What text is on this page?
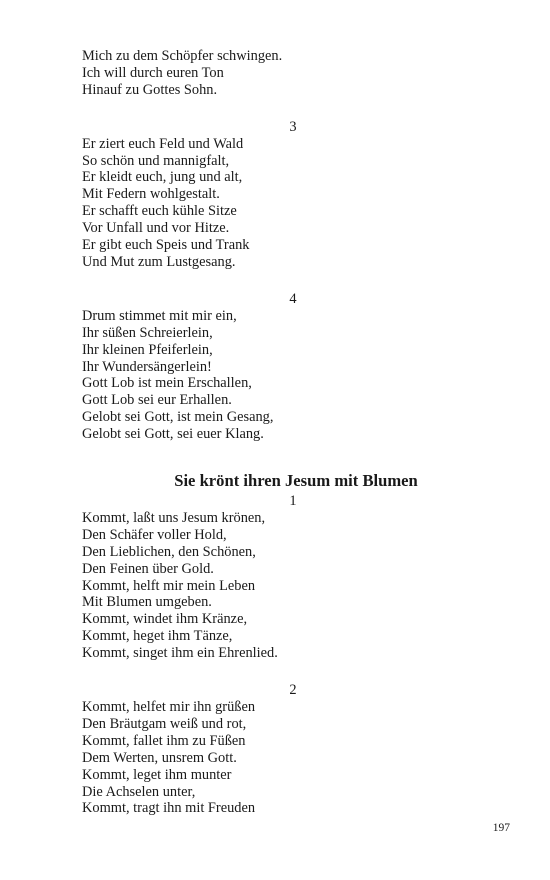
Mich zu dem Schöpfer schwingen.
Ich will durch euren Ton
Hinauf zu Gottes Sohn.
3
Er ziert euch Feld und Wald
So schön und mannigfalt,
Er kleidt euch, jung und alt,
Mit Federn wohlgestalt.
Er schafft euch kühle Sitze
Vor Unfall und vor Hitze.
Er gibt euch Speis und Trank
Und Mut zum Lustgesang.
4
Drum stimmet mit mir ein,
Ihr süßen Schreierlein,
Ihr kleinen Pfeiferlein,
Ihr Wundersängerlein!
Gott Lob ist mein Erschallen,
Gott Lob sei eur Erhallen.
Gelobt sei Gott, ist mein Gesang,
Gelobt sei Gott, sei euer Klang.
Sie krönt ihren Jesum mit Blumen
1
Kommt, laßt uns Jesum krönen,
Den Schäfer voller Hold,
Den Lieblichen, den Schönen,
Den Feinen über Gold.
Kommt, helft mir mein Leben
Mit Blumen umgeben.
Kommt, windet ihm Kränze,
Kommt, heget ihm Tänze,
Kommt, singet ihm ein Ehrenlied.
2
Kommt, helfet mir ihn grüßen
Den Bräutgam weiß und rot,
Kommt, fallet ihm zu Füßen
Dem Werten, unsrem Gott.
Kommt, leget ihm munter
Die Achselen unter,
Kommt, tragt ihn mit Freuden
197
